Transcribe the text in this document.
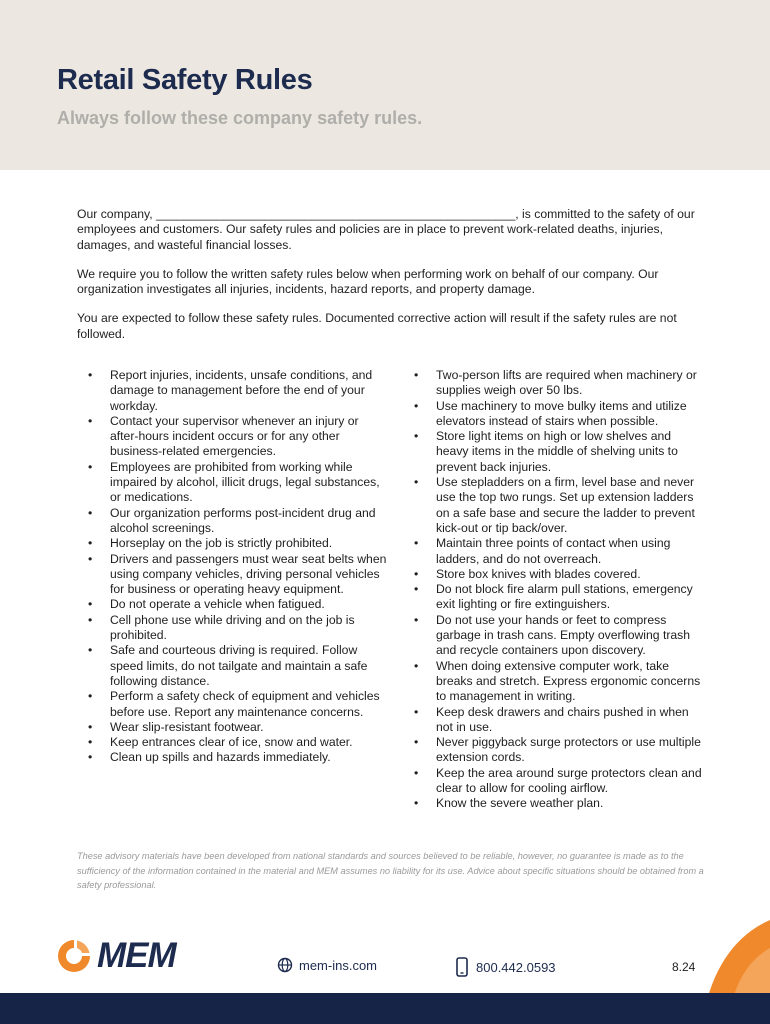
Retail Safety Rules

Always follow these company safety rules.

Our company, _____________________________________________________, is committed to the safety of our employees and customers. Our safety rules and policies are in place to prevent work-related deaths, injuries, damages, and wasteful financial losses.

We require you to follow the written safety rules below when performing work on behalf of our company. Our organization investigates all injuries, incidents, hazard reports, and property damage.

You are expected to follow these safety rules. Documented corrective action will result if the safety rules are not followed.

• Report injuries, incidents, unsafe conditions, and damage to management before the end of your workday.
• Contact your supervisor whenever an injury or after-hours incident occurs or for any other business-related emergencies.
• Employees are prohibited from working while impaired by alcohol, illicit drugs, legal substances, or medications.
• Our organization performs post-incident drug and alcohol screenings.
• Horseplay on the job is strictly prohibited.
• Drivers and passengers must wear seat belts when using company vehicles, driving personal vehicles for business or operating heavy equipment.
• Do not operate a vehicle when fatigued.
• Cell phone use while driving and on the job is prohibited.
• Safe and courteous driving is required. Follow speed limits, do not tailgate and maintain a safe following distance.
• Perform a safety check of equipment and vehicles before use. Report any maintenance concerns.
• Wear slip-resistant footwear.
• Keep entrances clear of ice, snow and water.
• Clean up spills and hazards immediately.
• Two-person lifts are required when machinery or supplies weigh over 50 lbs.
• Use machinery to move bulky items and utilize elevators instead of stairs when possible.
• Store light items on high or low shelves and heavy items in the middle of shelving units to prevent back injuries.
• Use stepladders on a firm, level base and never use the top two rungs. Set up extension ladders on a safe base and secure the ladder to prevent kick-out or tip back/over.
• Maintain three points of contact when using ladders, and do not overreach.
• Store box knives with blades covered.
• Do not block fire alarm pull stations, emergency exit lighting or fire extinguishers.
• Do not use your hands or feet to compress garbage in trash cans. Empty overflowing trash and recycle containers upon discovery.
• When doing extensive computer work, take breaks and stretch. Express ergonomic concerns to management in writing.
• Keep desk drawers and chairs pushed in when not in use.
• Never piggyback surge protectors or use multiple extension cords.
• Keep the area around surge protectors clean and clear to allow for cooling airflow.
• Know the severe weather plan.
These advisory materials have been developed from national standards and sources believed to be reliable, however, no guarantee is made as to the sufficiency of the information contained in the material and MEM assumes no liability for its use. Advice about specific situations should be obtained from a safety professional.
MEM	mem-ins.com	800.442.0593	8.24
